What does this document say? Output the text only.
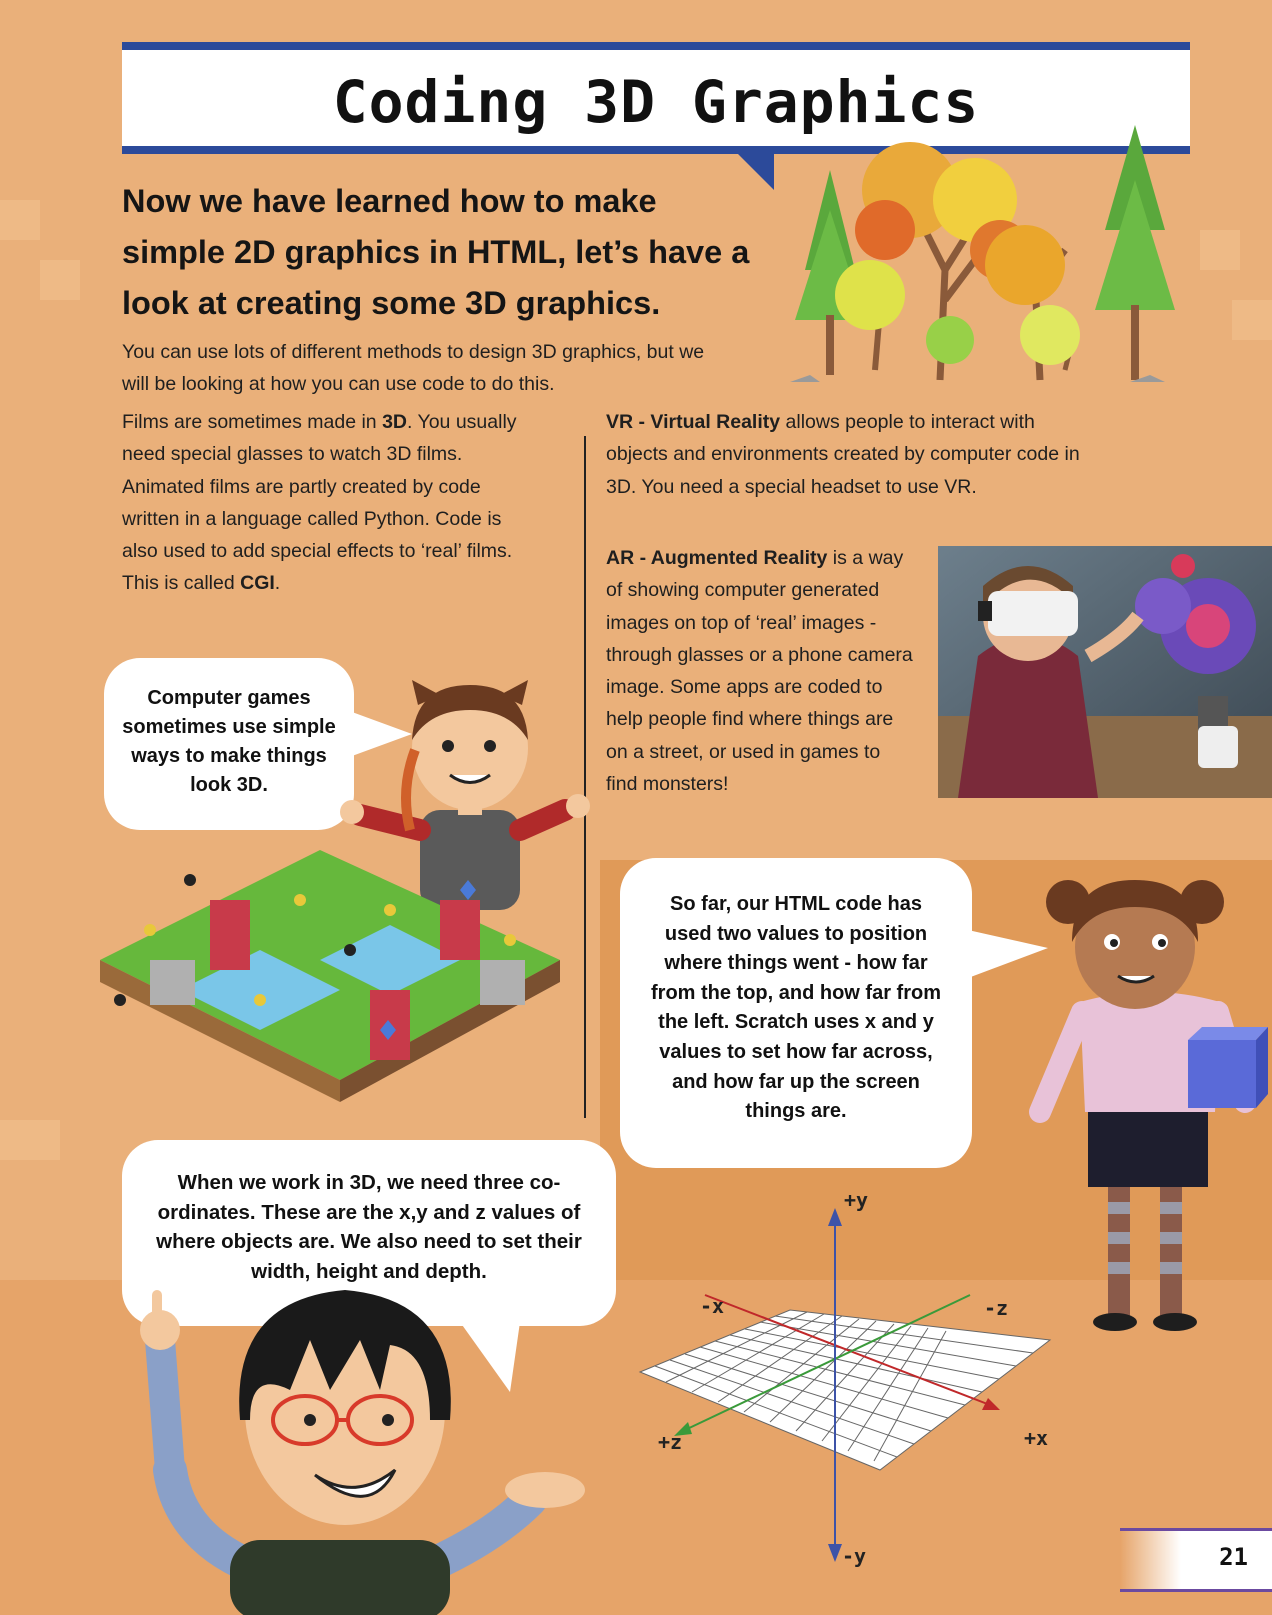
Coding 3D Graphics
Now we have learned how to make simple 2D graphics in HTML, let’s have a look at creating some 3D graphics.
You can use lots of different methods to design 3D graphics, but we will be looking at how you can use code to do this.

Films are sometimes made in 3D. You usually need special glasses to watch 3D films. Animated films are partly created by code written in a language called Python. Code is also used to add special effects to ‘real’ films. This is called CGI.

VR - Virtual Reality allows people to interact with objects and environments created by computer code in 3D. You need a special headset to use VR.

AR - Augmented Reality is a way of showing computer generated images on top of ‘real’ images - through glasses or a phone camera image. Some apps are coded to help people find where things are on a street, or used in games to find monsters!

Computer games sometimes use simple ways to make things look 3D.
So far, our HTML code has used two values to position where things went - how far from the top, and how far from the left. Scratch uses x and y values to set how far across, and how far up the screen things are.
When we work in 3D, we need three co-ordinates. These are the x,y and z values of where objects are. We also need to set their width, height and depth.
+y
-y
+x
-x
+z
-z
21
